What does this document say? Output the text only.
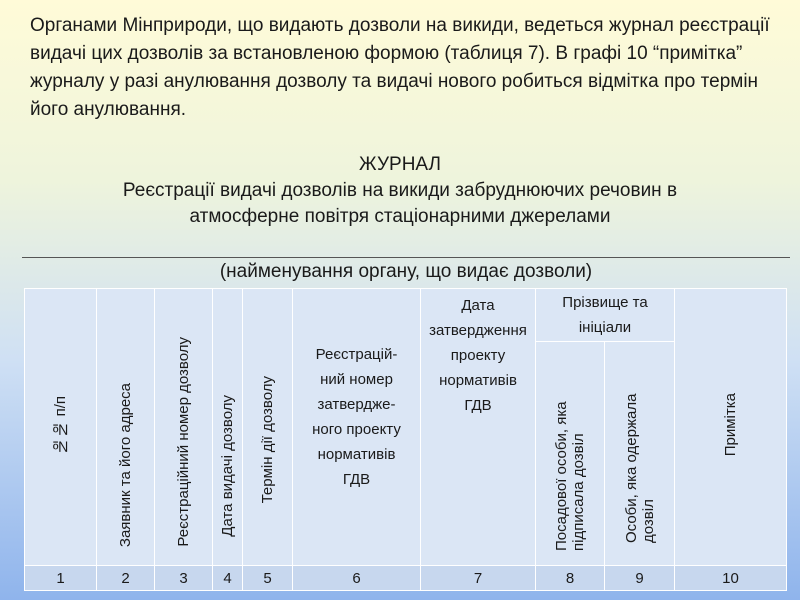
Органами Мінприроди, що видають дозволи на викиди, ведеться журнал реєстрації видачі цих дозволів за встановленою формою (таблиця 7). В графі 10 “примітка” журналу у разі анулювання дозволу та видачі нового робиться відмітка про термін його анулювання.
ЖУРНАЛ
Реєстрації видачі дозволів на викиди забруднюючих речовин в атмосферне повітря стаціонарними джерелами
(найменування органу, що видає дозволи)
№№ п/п	Заявник та його адреса	Реєстраційний номер дозволу	Дата видачі дозволу	Термін дії дозволу	Реєстрацій-ний номер затвердже-ного проекту нормативів ГДВ	Дата затвердження проекту нормативів ГДВ	Прізвище та ініціали		Примітка
							Посадової особи, яка підписала дозвіл	Особи, яка одержала дозвіл	
1	2	3	4	5	6	7	8	9	10
